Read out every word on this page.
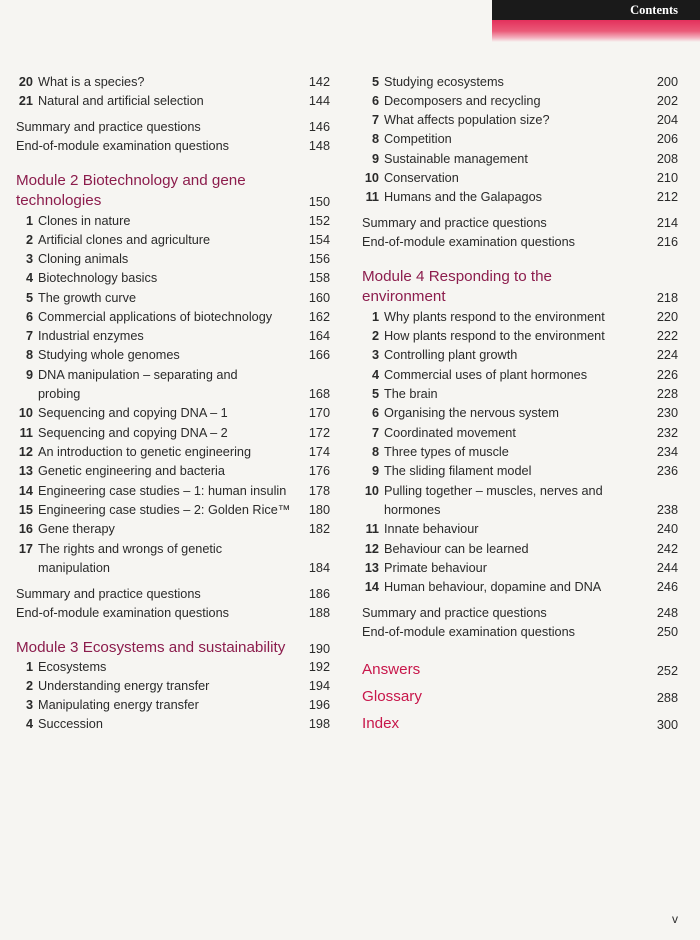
Contents
20 What is a species?	142
21 Natural and artificial selection	144
Summary and practice questions	146
End-of-module examination questions	148
Module 2 Biotechnology and gene
technologies	150
1 Clones in nature	152
2 Artificial clones and agriculture	154
3 Cloning animals	156
4 Biotechnology basics	158
5 The growth curve	160
6 Commercial applications of biotechnology	162
7 Industrial enzymes	164
8 Studying whole genomes	166
9 DNA manipulation – separating and
probing	168
10 Sequencing and copying DNA – 1	170
11 Sequencing and copying DNA – 2	172
12 An introduction to genetic engineering	174
13 Genetic engineering and bacteria	176
14 Engineering case studies – 1: human insulin 178
15 Engineering case studies – 2: Golden Rice™ 180
16 Gene therapy	182
17 The rights and wrongs of genetic
manipulation	184
Summary and practice questions	186
End-of-module examination questions	188
Module 3 Ecosystems and sustainability	190
1 Ecosystems	192
2 Understanding energy transfer	194
3 Manipulating energy transfer	196
4 Succession	198
5 Studying ecosystems	200
6 Decomposers and recycling	202
7 What affects population size?	204
8 Competition	206
9 Sustainable management	208
10 Conservation	210
11 Humans and the Galapagos	212
Summary and practice questions	214
End-of-module examination questions	216
Module 4 Responding to the
environment	218
1 Why plants respond to the environment	220
2 How plants respond to the environment	222
3 Controlling plant growth	224
4 Commercial uses of plant hormones	226
5 The brain	228
6 Organising the nervous system	230
7 Coordinated movement	232
8 Three types of muscle	234
9 The sliding filament model	236
10 Pulling together – muscles, nerves and
hormones	238
11 Innate behaviour	240
12 Behaviour can be learned	242
13 Primate behaviour	244
14 Human behaviour, dopamine and DNA	246
Summary and practice questions	248
End-of-module examination questions	250
Answers	252
Glossary	288
Index	300
v
